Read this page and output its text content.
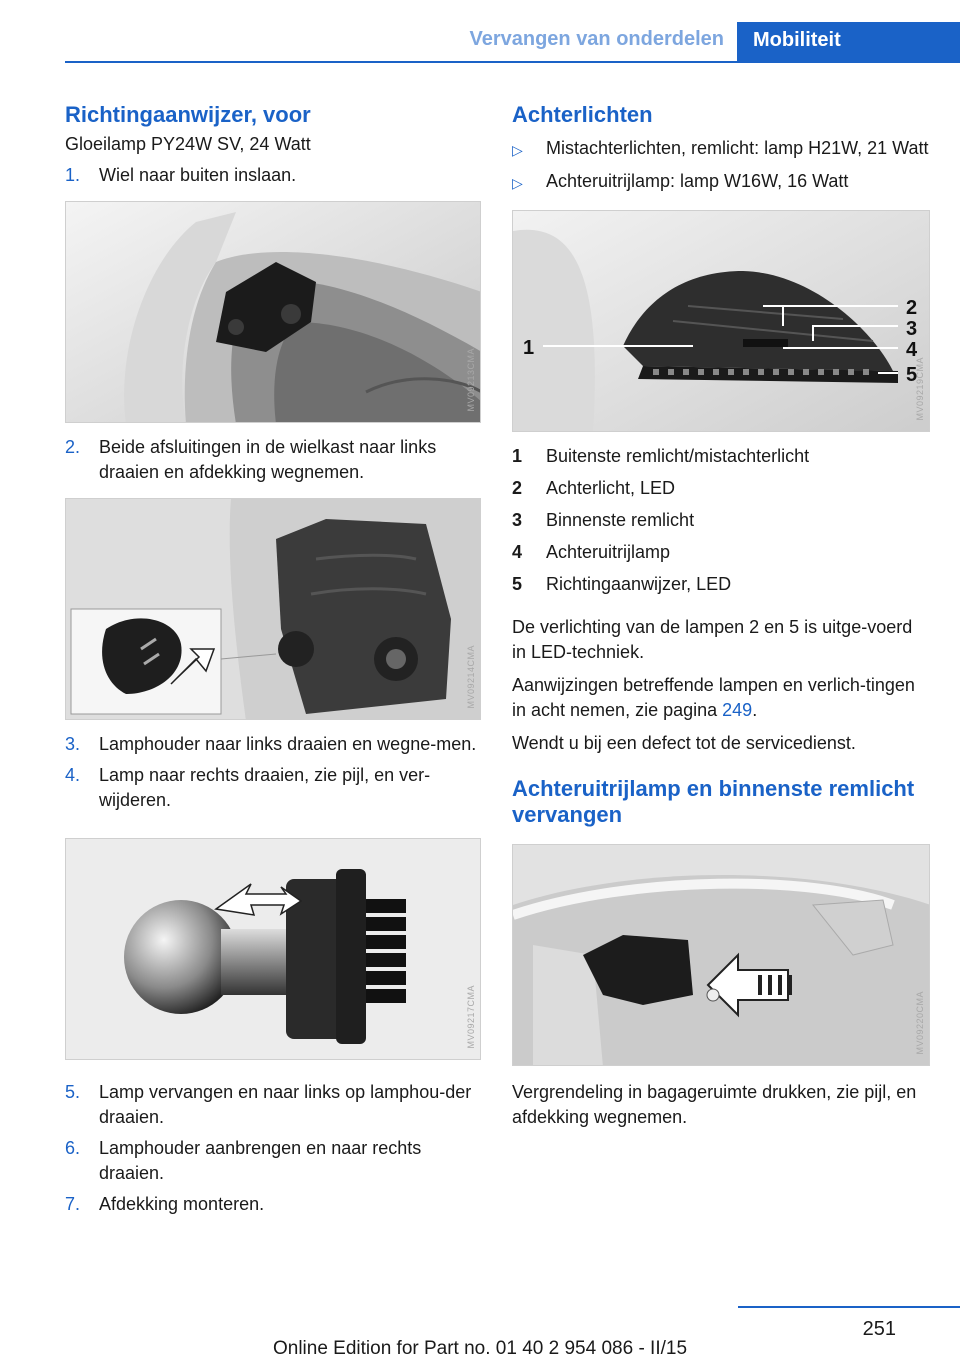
Vervangen van onderdelen	Mobiliteit
Richtingaanwijzer, voor

Gloeilamp PY24W SV, 24 Watt

1.	Wiel naar buiten inslaan.
MV09213CMA
2.	Beide afsluitingen in de wielkast naar links draaien en afdekking wegnemen.
MV09214CMA
3.	Lamphouder naar links draaien en wegne‐men.
4.	Lamp naar rechts draaien, zie pijl, en ver‐wijderen.
MV09217CMA
5.	Lamp vervangen en naar links op lamphou‐der draaien.
6.	Lamphouder aanbrengen en naar rechts draaien.
7.	Afdekking monteren.
Achterlichten
▷	Mistachterlichten, remlicht: lamp H21W, 21 Watt
▷	Achteruitrijlamp: lamp W16W, 16 Watt
1
2
3
4
5
MV09219CMA
1	Buitenste remlicht/mistachterlicht
2	Achterlicht, LED
3	Binnenste remlicht
4	Achteruitrijlamp
5	Richtingaanwijzer, LED

De verlichting van de lampen 2 en 5 is uitge‐voerd in LED-techniek.

Aanwijzingen betreffende lampen en verlich‐tingen in acht nemen, zie pagina 249.

Wendt u bij een defect tot de servicedienst.

Achteruitrijlamp en binnenste remlicht vervangen
MV09220CMA

Vergrendeling in bagageruimte drukken, zie pijl, en afdekking wegnemen.

251
Online Edition for Part no. 01 40 2 954 086 - II/15
